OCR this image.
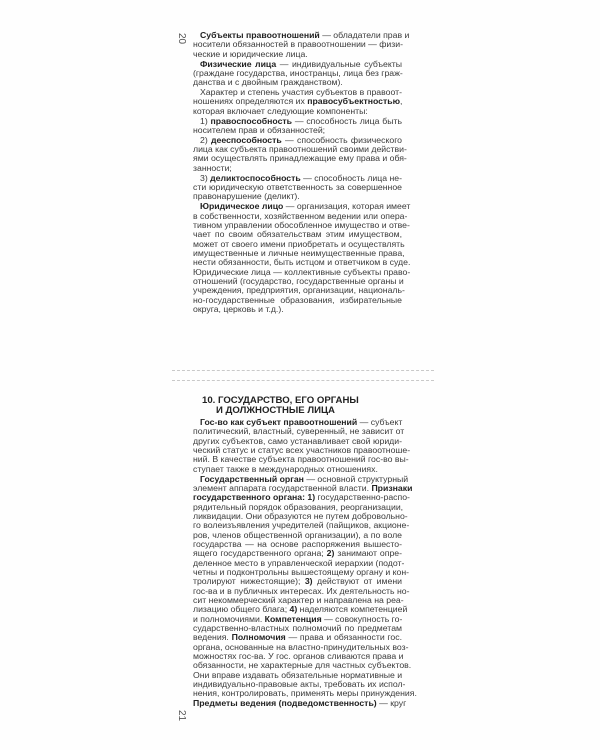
20
21
Субъекты правоотношений — обладатели прав и
носители обязанностей в правоотношении — физи-
ческие и юридические лица.
Физические лица — индивидуальные субъекты
(граждане государства, иностранцы, лица без граж-
данства и с двойным гражданством).
Характер и степень участия субъектов в правоот-
ношениях определяются их правосубъектностью,
которая включает следующие компоненты:
1) правоспособность — способность лица быть
носителем прав и обязанностей;
2) дееспособность — способность физического
лица как субъекта правоотношений своими действи-
ями осуществлять принадлежащие ему права и обя-
занности;
3) деликтоспособность — способность лица не-
сти юридическую ответственность за совершенное
правонарушение (деликт).
Юридическое лицо — организация, которая имеет
в собственности, хозяйственном ведении или опера-
тивном управлении обособленное имущество и отве-
чает по своим обязательствам этим имуществом,
может от своего имени приобретать и осуществлять
имущественные и личные неимущественные права,
нести обязанности, быть истцом и ответчиком в суде.
Юридические лица — коллективные субъекты право-
отношений (государство, государственные органы и
учреждения, предприятия, организации, националь-
но-государственные образования, избирательные
округа, церковь и т.д.).
10. ГОСУДАРСТВО, ЕГО ОРГАНЫ
И ДОЛЖНОСТНЫЕ ЛИЦА
Гос-во как субъект правоотношений — субъект
политический, властный, суверенный, не зависит от
других субъектов, само устанавливает свой юриди-
ческий статус и статус всех участников правоотноше-
ний. В качестве субъекта правоотношений гос-во вы-
ступает также в международных отношениях.
Государственный орган — основной структурный
элемент аппарата государственной власти. Признаки
государственного органа: 1) государственно-распо-
рядительный порядок образования, реорганизации,
ликвидации. Они образуются не путем добровольно-
го волеизъявления учредителей (пайщиков, акционе-
ров, членов общественной организации), а по воле
государства — на основе распоряжения вышесто-
ящего государственного органа; 2) занимают опре-
деленное место в управленческой иерархии (подот-
четны и подконтрольны вышестоящему органу и кон-
тролируют нижестоящие); 3) действуют от имени
гос-ва и в публичных интересах. Их деятельность но-
сит некоммерческий характер и направлена на реа-
лизацию общего блага; 4) наделяются компетенцией
и полномочиями. Компетенция — совокупность го-
сударственно-властных полномочий по предметам
ведения. Полномочия — права и обязанности гос.
органа, основанные на властно-принудительных воз-
можностях гос-ва. У гос. органов сливаются права и
обязанности, не характерные для частных субъектов.
Они вправе издавать обязательные нормативные и
индивидуально-правовые акты, требовать их испол-
нения, контролировать, применять меры принуждения.
Предметы ведения (подведомственность) — круг
